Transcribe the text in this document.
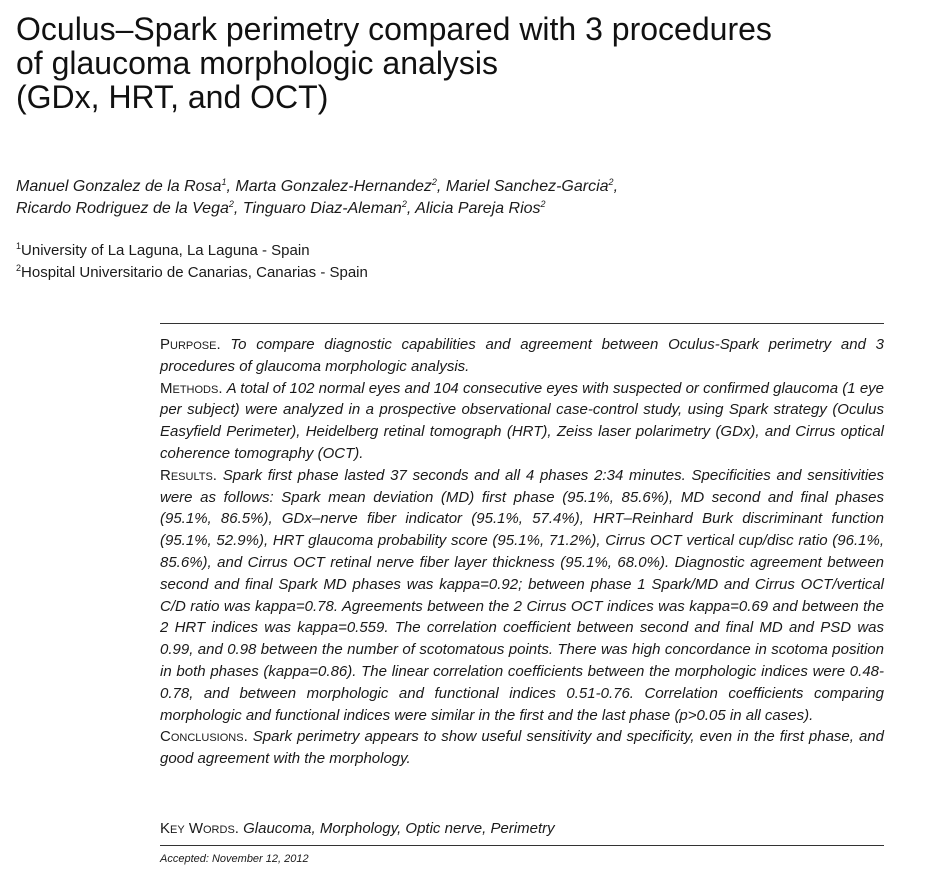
Oculus–Spark perimetry compared with 3 procedures
of glaucoma morphologic analysis
(GDx, HRT, and OCT)
Manuel Gonzalez de la Rosa$^1$, Marta Gonzalez-Hernandez$^2$, Mariel Sanchez-Garcia$^2$,
Ricardo Rodriguez de la Vega$^2$, Tinguaro Diaz-Aleman$^2$, Alicia Pareja Rios$^2$
$^1$University of La Laguna, La Laguna - Spain
$^2$Hospital Universitario de Canarias, Canarias - Spain

Purpose. To compare diagnostic capabilities and agreement between Oculus-Spark perimetry and 3 procedures of glaucoma morphologic analysis.

Methods. A total of 102 normal eyes and 104 consecutive eyes with suspected or confirmed glaucoma (1 eye per subject) were analyzed in a prospective observational case-control study, using Spark strategy (Oculus Easyfield Perimeter), Heidelberg retinal tomograph (HRT), Zeiss laser polarimetry (GDx), and Cirrus optical coherence tomography (OCT).

Results. Spark first phase lasted 37 seconds and all 4 phases 2:34 minutes. Specificities and sensitivities were as follows: Spark mean deviation (MD) first phase (95.1%, 85.6%), MD second and final phases (95.1%, 86.5%), GDx–nerve fiber indicator (95.1%, 57.4%), HRT–Reinhard Burk discriminant function (95.1%, 52.9%), HRT glaucoma probability score (95.1%, 71.2%), Cirrus OCT vertical cup/disc ratio (96.1%, 85.6%), and Cirrus OCT retinal nerve fiber layer thickness (95.1%, 68.0%). Diagnostic agreement between second and final Spark MD phases was kappa=0.92; between phase 1 Spark/MD and Cirrus OCT/vertical C/D ratio was kappa=0.78. Agreements between the 2 Cirrus OCT indices was kappa=0.69 and between the 2 HRT indices was kappa=0.559. The correlation coefficient between second and final MD and PSD was 0.99, and 0.98 between the number of scotomatous points. There was high concordance in scotoma position in both phases (kappa=0.86). The linear correlation coefficients between the morphologic indices were 0.48-0.78, and between morphologic and functional indices 0.51-0.76. Correlation coefficients comparing morphologic and functional indices were similar in the first and the last phase (p>0.05 in all cases).

Conclusions. Spark perimetry appears to show useful sensitivity and specificity, even in the first phase, and good agreement with the morphology.

Key Words. Glaucoma, Morphology, Optic nerve, Perimetry
Accepted: November 12, 2012
